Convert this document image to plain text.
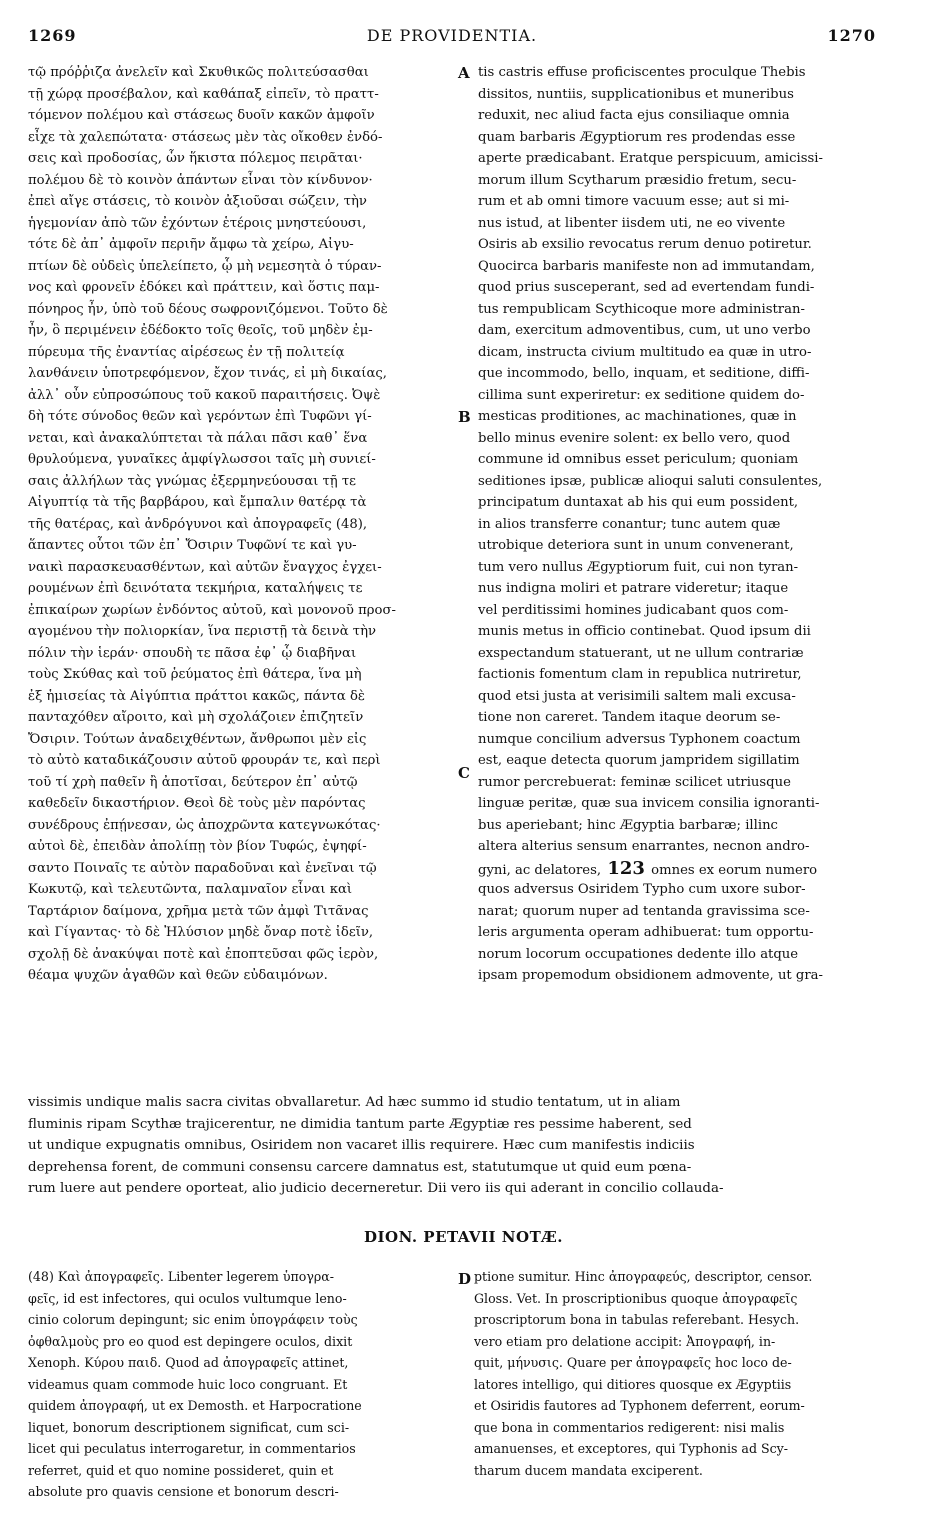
1269	DE PROVIDENTIA.	1270
τῷ πρόῤῥιζα ἀνελεῖν καὶ Σκυθικῶς πολιτεύσασθαι
τῇ χώρᾳ προσέβαλον, καὶ καθάπαξ εἰπεῖν, τὸ πραττ-
τόμενον πολέμου καὶ στάσεως δυοῖν κακῶν ἀμφοῖν
εἶχε τὰ χαλεπώτατα· στάσεως μὲν τὰς οἴκοθεν ἐνδό-
σεις καὶ προδοσίας, ὧν ἥκιστα πόλεμος πειρᾶται·
πολέμου δὲ τὸ κοινὸν ἁπάντων εἶναι τὸν κίνδυνον·
ἐπεὶ αἴγε στάσεις, τὸ κοινὸν ἀξιοῦσαι σώζειν, τὴν
ἡγεμονίαν ἀπὸ τῶν ἐχόντων ἑτέροις μνηστεύουσι,
τότε δὲ ἀπ᾽ ἀμφοῖν περιῆν ἄμφω τὰ χείρω, Αἰγυ-
πτίων δὲ οὐδεὶς ὑπελείπετο, ᾧ μὴ νεμεσητὰ ὁ τύραν-
νος καὶ φρονεῖν ἐδόκει καὶ πράττειν, καὶ ὅστις παμ-
πόνηρος ἦν, ὑπὸ τοῦ δέους σωφρονιζόμενοι. Τοῦτο δὲ
ἦν, ὃ περιμένειν ἐδέδοκτο τοῖς θεοῖς, τοῦ μηδὲν ἐμ-
πύρευμα τῆς ἐναντίας αἱρέσεως ἐν τῇ πολιτείᾳ
λανθάνειν ὑποτρεφόμενον, ἔχον τινάς, εἰ μὴ δικαίας,
ἀλλ᾽ οὖν εὐπροσώπους τοῦ κακοῦ παραιτήσεις. Ὀψὲ
δὴ τότε σύνοδος θεῶν καὶ γερόντων ἐπὶ Τυφῶνι γί-
νεται, καὶ ἀνακαλύπτεται τὰ πάλαι πᾶσι καθ᾽ ἕνα
θρυλούμενα, γυναῖκες ἀμφίγλωσσοι ταῖς μὴ συνιεί-
σαις ἀλλήλων τὰς γνώμας ἐξερμηνεύουσαι τῇ τε
Αἰγυπτίᾳ τὰ τῆς βαρβάρου, καὶ ἔμπαλιν θατέρᾳ τὰ
τῆς θατέρας, καὶ ἀνδρόγυνοι καὶ ἀπογραφεῖς (48),
ἅπαντες οὗτοι τῶν ἐπ᾽ Ὄσιριν Τυφῶνί τε καὶ γυ-
ναικὶ παρασκευασθέντων, καὶ αὐτῶν ἔναγχος ἐγχει-
ρουμένων ἐπὶ δεινότατα τεκμήρια, καταλήψεις τε
ἐπικαίρων χωρίων ἐνδόντος αὐτοῦ, καὶ μονονοῦ προσ-
αγομένου τὴν πολιορκίαν, ἵνα περιστῇ τὰ δεινὰ τὴν
πόλιν τὴν ἱεράν· σπουδὴ τε πᾶσα ἐφ᾽ ᾧ διαβῆναι
τοὺς Σκύθας καὶ τοῦ ῥεύματος ἐπὶ θάτερα, ἵνα μὴ
ἐξ ἡμισείας τὰ Αἰγύπτια πράττοι κακῶς, πάντα δὲ
πανταχόθεν αἴροιτο, καὶ μὴ σχολάζοιεν ἐπιζητεῖν
Ὄσιριν. Τούτων ἀναδειχθέντων, ἄνθρωποι μὲν εἰς
τὸ αὐτὸ καταδικάζουσιν αὐτοῦ φρουράν τε, καὶ περὶ
τοῦ τί χρὴ παθεῖν ἢ ἀποτῖσαι, δεύτερον ἐπ᾽ αὐτῷ
καθεδεῖν δικαστήριον. Θεοὶ δὲ τοὺς μὲν παρόντας
συνέδρους ἐπῄνεσαν, ὡς ἀποχρῶντα κατεγνωκότας·
αὐτοὶ δὲ, ἐπειδὰν ἀπολίπῃ τὸν βίον Τυφώς, ἐψηφί-
σαντο Ποιναῖς τε αὐτὸν παραδοῦναι καὶ ἐνεῖναι τῷ
Κωκυτῷ, καὶ τελευτῶντα, παλαμναῖον εἶναι καὶ
Ταρτάριον δαίμονα, χρῆμα μετὰ τῶν ἀμφὶ Τιτᾶνας
καὶ Γίγαντας· τὸ δὲ Ἠλύσιον μηδὲ ὄναρ ποτὲ ἰδεῖν,
σχολῇ δὲ ἀνακύψαι ποτὲ καὶ ἐποπτεῦσαι φῶς ἱερὸν,
θέαμα ψυχῶν ἀγαθῶν καὶ θεῶν εὐδαιμόνων.
tis castris effuse proficiscentes proculque Thebis
dissitos, nuntiis, supplicationibus et muneribus
reduxit, nec aliud facta ejus consiliaque omnia
quam barbaris Ægyptiorum res prodendas esse
aperte prædicabant. Eratque perspicuum, amicissi-
morum illum Scytharum præsidio fretum, secu-
rum et ab omni timore vacuum esse; aut si mi-
nus istud, at libenter iisdem uti, ne eo vivente
Osiris ab exsilio revocatus rerum denuo potiretur.
Quocirca barbaris manifeste non ad immutandam,
quod prius susceperant, sed ad evertendam fundi-
tus rempublicam Scythicoque more administran-
dam, exercitum admoventibus, cum, ut uno verbo
dicam, instructa civium multitudo ea quæ in utro-
que incommodo, bello, inquam, et seditione, diffi-
cillima sunt experiretur: ex seditione quidem do-
mesticas proditiones, ac machinationes, quæ in
bello minus evenire solent: ex bello vero, quod
commune id omnibus esset periculum; quoniam
seditiones ipsæ, publicæ alioqui saluti consulentes,
principatum duntaxat ab his qui eum possident,
in alios transferre conantur; tunc autem quæ
utrobique deteriora sunt in unum convenerant,
tum vero nullus Ægyptiorum fuit, cui non tyran-
nus indigna moliri et patrare videretur; itaque
vel perditissimi homines judicabant quos com-
munis metus in officio continebat. Quod ipsum dii
exspectandum statuerant, ut ne ullum contrariæ
factionis fomentum clam in republica nutriretur,
quod etsi justa at verisimili saltem mali excusa-
tione non careret. Tandem itaque deorum se-
numque concilium adversus Typhonem coactum
est, eaque detecta quorum jampridem sigillatim
rumor percrebuerat: feminæ scilicet utriusque
linguæ peritæ, quæ sua invicem consilia ignoranti-
bus aperiebant; hinc Ægyptia barbaræ; illinc
altera alterius sensum enarrantes, necnon andro-
gyni, ac delatores, 123 omnes ex eorum numero
quos adversus Osiridem Typho cum uxore subor-
narat; quorum nuper ad tentanda gravissima sce-
leris argumenta operam adhibuerat: tum opportu-
norum locorum occupationes dedente illo atque
ipsam propemodum obsidionem admovente, ut gra-
A
B
C
D
vissimis undique malis sacra civitas obvallaretur. Ad hæc summo id studio tentatum, ut in aliam
fluminis ripam Scythæ trajicerentur, ne dimidia tantum parte Ægyptiæ res pessime haberent, sed
ut undique expugnatis omnibus, Osiridem non vacaret illis requirere. Hæc cum manifestis indiciis
deprehensa forent, de communi consensu carcere damnatus est, statutumque ut quid eum pœna-
rum luere aut pendere oporteat, alio judicio decerneretur. Dii vero iis qui aderant in concilio collauda-
DION. PETAVII NOTÆ.
(48) Καὶ ἀπογραφεῖς. Libenter legerem ὑπογρα-
φεῖς, id est infectores, qui oculos vultumque leno-
cinio colorum depingunt; sic enim ὑπογράφειν τοὺς
ὀφθαλμοὺς pro eo quod est depingere oculos, dixit
Xenoph. Κύρου παιδ. Quod ad ἀπογραφεῖς attinet,
videamus quam commode huic loco congruant. Et
quidem ἀπογραφή, ut ex Demosth. et Harpocratione
liquet, bonorum descriptionem significat, cum sci-
licet qui peculatus interrogaretur, in commentarios
referret, quid et quo nomine possideret, quin et
absolute pro quavis censione et bonorum descri-
ptione sumitur. Hinc ἀπογραφεύς, descriptor, censor.
Gloss. Vet. In proscriptionibus quoque ἀπογραφεῖς
proscriptorum bona in tabulas referebant. Hesych.
vero etiam pro delatione accipit: Ἀπογραφή, in-
quit, μήνυσις. Quare per ἀπογραφεῖς hoc loco de-
latores intelligo, qui ditiores quosque ex Ægyptiis
et Osiridis fautores ad Typhonem deferrent, eorum-
que bona in commentarios redigerent: nisi malis
amanuenses, et exceptores, qui Typhonis ad Scy-
tharum ducem mandata exciperent.
